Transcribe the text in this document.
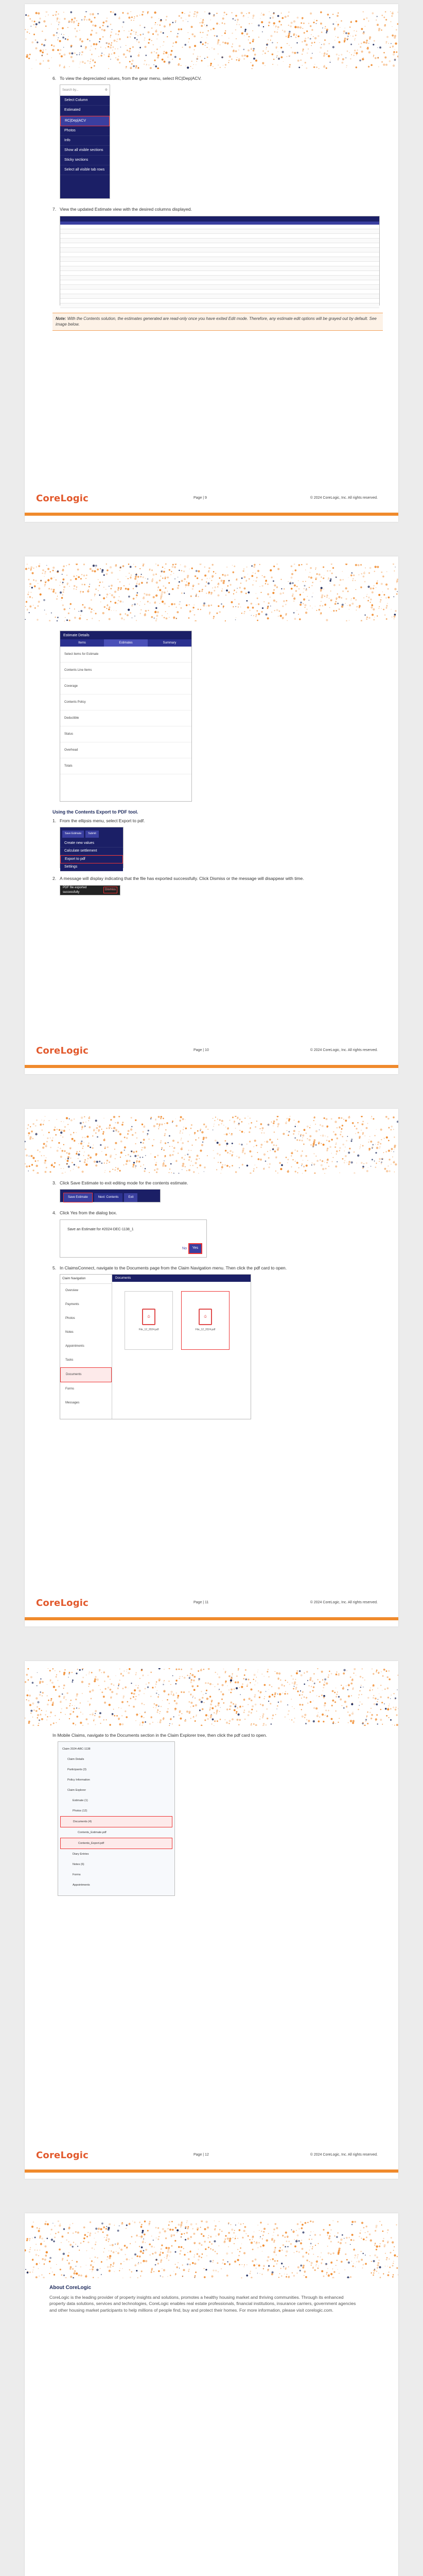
6. To view the depreciated values, from the gear menu, select RC|Dep|ACV.
Search by...	⚙
Select Column
Estimated
RC|Dep|ACV
Photos
Info
Show all visible sections
Sticky sections
Select all visible tab rows
7. View the updated Estimate view with the desired columns displayed.
Note: With the Contents solution, the estimates generated are read-only once you have exited Edit mode. Therefore, any estimate edit options will be grayed out by default. See image below.
CoreLogic	Page | 9	© 2024 CoreLogic, Inc. All rights reserved.
Estimate Details
Items	Estimates	Summary
Select items for Estimate
Contents Line Items
Coverage
Contents Policy
Deductible
Status
Overhead
Totals
Using the Contents Export to PDF tool.
1. From the ellipsis menu, select Export to pdf.
Save Estimate	Submit
Create new values
Calculate settlement
Export to pdf
Settings
2. A message will display indicating that the file has exported successfully. Click Dismiss or the message will disappear with time.
PDF file exported successfully
Dismiss
CoreLogic	Page | 10	© 2024 CoreLogic, Inc. All rights reserved.
3. Click Save Estimate to exit editing mode for the contents estimate.
Save Estimate	Next: Contents	Exit
4. Click Yes from the dialog box.
Save an Estimate for #2024-DEC-1138_1
No	Yes
5. In ClaimsConnect, navigate to the Documents page from the Claim Navigation menu. Then click the pdf card to open.
Claim Navigation
Overview
Payments
Photos
Notes
Appointments
Tasks
Documents
Forms
Messages
Documents
⎙
File_12_2024.pdf
⎙
File_12_2024.pdf
CoreLogic	Page | 11	© 2024 CoreLogic, Inc. All rights reserved.
In Mobile Claims, navigate to the Documents section in the Claim Explorer tree, then click the pdf card to open.
Claim 2024-ABC-1138
Claim Details
Participants (3)
Policy Information
Claim Explorer
Estimate (1)
Photos (12)
Documents (4)
Contents_Estimate.pdf
Contents_Export.pdf
Diary Entries
Notes (6)
Forms
Appointments
CoreLogic	Page | 12	© 2024 CoreLogic, Inc. All rights reserved.
About CoreLogic

CoreLogic is the leading provider of property insights and solutions, promotes a healthy housing market and thriving communities. Through its enhanced property data solutions, services and technologies, CoreLogic enables real estate professionals, financial institutions, insurance carriers, government agencies and other housing market participants to help millions of people find, buy and protect their homes. For more information, please visit corelogic.com.
